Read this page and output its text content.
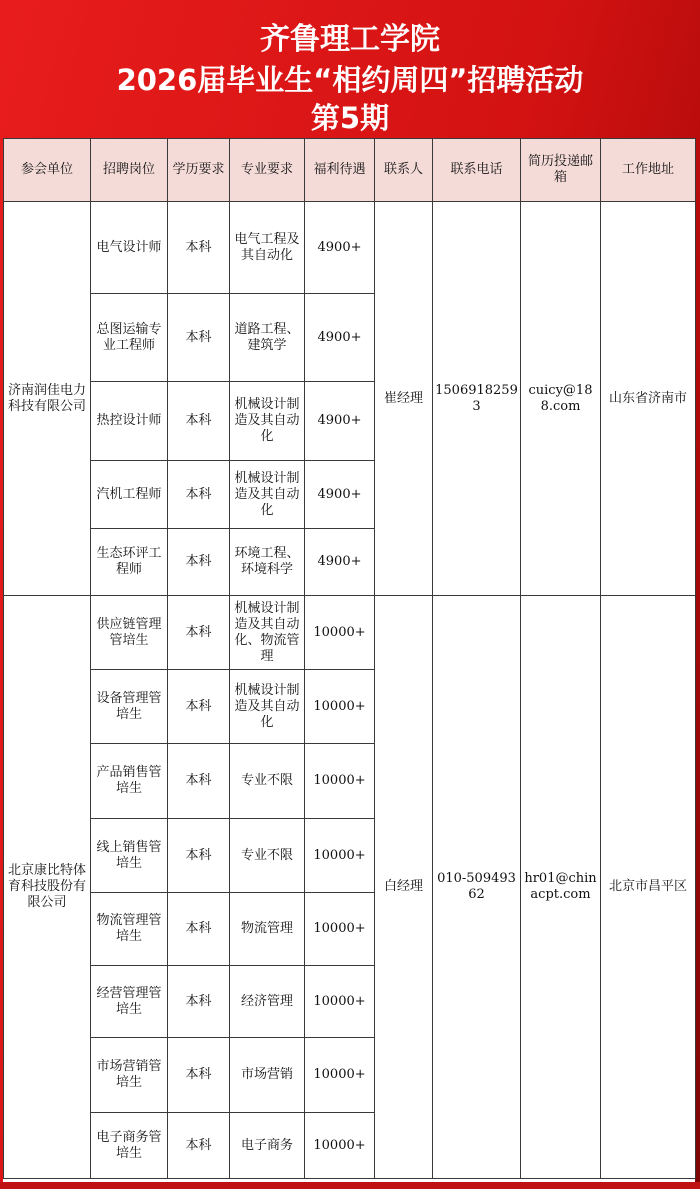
齐鲁理工学院
2026届毕业生“相约周四”招聘活动
第5期
参会单位	招聘岗位	学历要求	专业要求	福利待遇	联系人	联系电话	简历投递邮箱	工作地址
济南润佳电力科技有限公司	电气设计师	本科	电气工程及其自动化	4900+	崔经理	15069182593	cuicy@188.com	山东省济南市
	总图运输专业工程师	本科	道路工程、建筑学	4900+				
	热控设计师	本科	机械设计制造及其自动化	4900+				
	汽机工程师	本科	机械设计制造及其自动化	4900+				
	生态环评工程师	本科	环境工程、环境科学	4900+				
北京康比特体育科技股份有限公司	供应链管理管培生	本科	机械设计制造及其自动化、物流管理	10000+	白经理	010-50949362	hr01@chinacpt.com	北京市昌平区
	设备管理管培生	本科	机械设计制造及其自动化	10000+				
	产品销售管培生	本科	专业不限	10000+				
	线上销售管培生	本科	专业不限	10000+				
	物流管理管培生	本科	物流管理	10000+				
	经营管理管培生	本科	经济管理	10000+				
	市场营销管培生	本科	市场营销	10000+				
	电子商务管培生	本科	电子商务	10000+				
